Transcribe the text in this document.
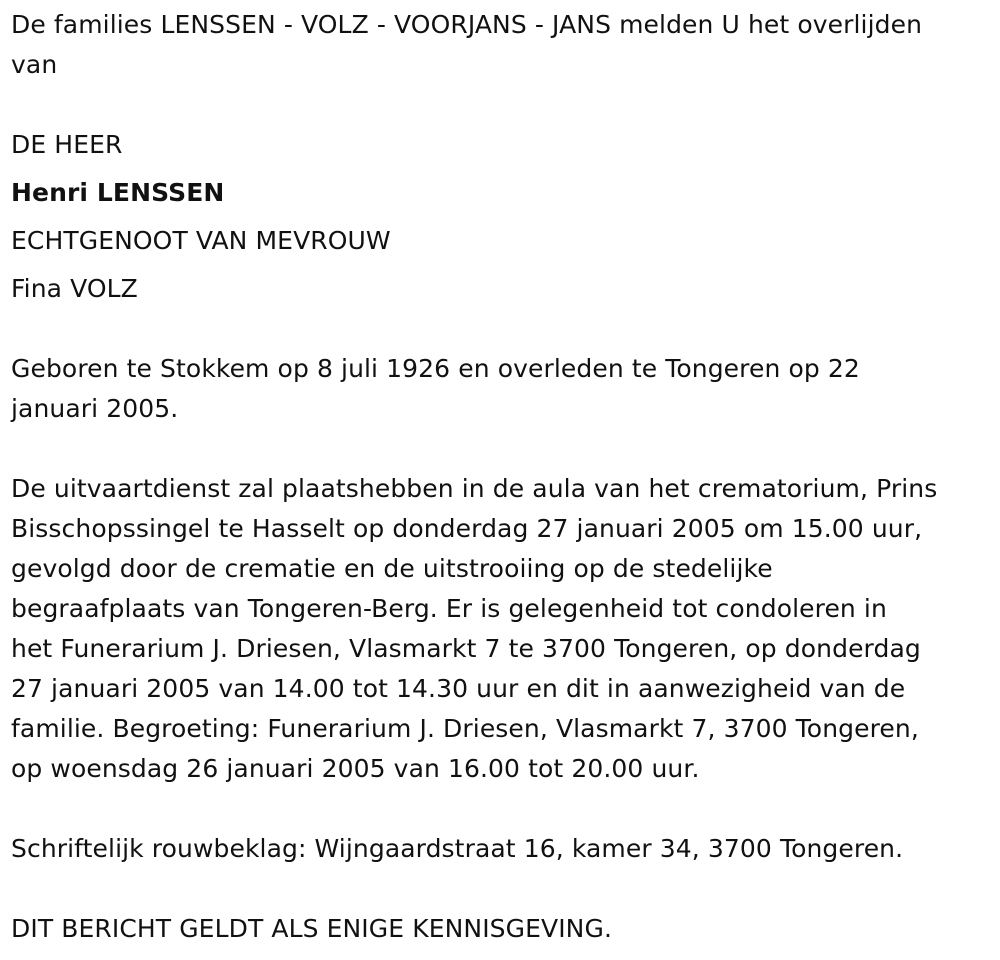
De families LENSSEN - VOLZ - VOORJANS - JANS melden U het overlijden
van
DE HEER
Henri LENSSEN
ECHTGENOOT VAN MEVROUW
Fina VOLZ
Geboren te Stokkem op 8 juli 1926 en overleden te Tongeren op 22
januari 2005.
De uitvaartdienst zal plaatshebben in de aula van het crematorium, Prins
Bisschopssingel te Hasselt op donderdag 27 januari 2005 om 15.00 uur,
gevolgd door de crematie en de uitstrooiing op de stedelijke
begraafplaats van Tongeren-Berg. Er is gelegenheid tot condoleren in
het Funerarium J. Driesen, Vlasmarkt 7 te 3700 Tongeren, op donderdag
27 januari 2005 van 14.00 tot 14.30 uur en dit in aanwezigheid van de
familie. Begroeting: Funerarium J. Driesen, Vlasmarkt 7, 3700 Tongeren,
op woensdag 26 januari 2005 van 16.00 tot 20.00 uur.
Schriftelijk rouwbeklag: Wijngaardstraat 16, kamer 34, 3700 Tongeren.
DIT BERICHT GELDT ALS ENIGE KENNISGEVING.
